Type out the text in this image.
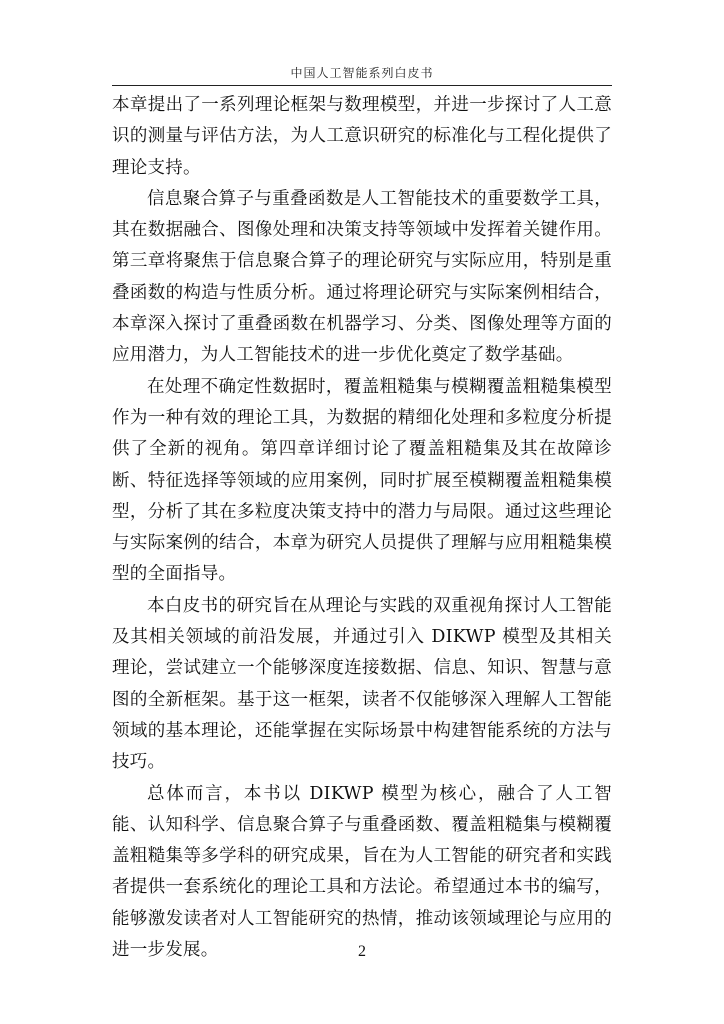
中国人工智能系列白皮书

本章提出了一系列理论框架与数理模型，并进一步探讨了人工意识的测量与评估方法，为人工意识研究的标准化与工程化提供了理论支持。

信息聚合算子与重叠函数是人工智能技术的重要数学工具，其在数据融合、图像处理和决策支持等领域中发挥着关键作用。第三章将聚焦于信息聚合算子的理论研究与实际应用，特别是重叠函数的构造与性质分析。通过将理论研究与实际案例相结合，本章深入探讨了重叠函数在机器学习、分类、图像处理等方面的应用潜力，为人工智能技术的进一步优化奠定了数学基础。

在处理不确定性数据时，覆盖粗糙集与模糊覆盖粗糙集模型作为一种有效的理论工具，为数据的精细化处理和多粒度分析提供了全新的视角。第四章详细讨论了覆盖粗糙集及其在故障诊断、特征选择等领域的应用案例，同时扩展至模糊覆盖粗糙集模型，分析了其在多粒度决策支持中的潜力与局限。通过这些理论与实际案例的结合，本章为研究人员提供了理解与应用粗糙集模型的全面指导。

本白皮书的研究旨在从理论与实践的双重视角探讨人工智能及其相关领域的前沿发展，并通过引入 DIKWP 模型及其相关理论，尝试建立一个能够深度连接数据、信息、知识、智慧与意图的全新框架。基于这一框架，读者不仅能够深入理解人工智能领域的基本理论，还能掌握在实际场景中构建智能系统的方法与技巧。

总体而言，本书以 DIKWP 模型为核心，融合了人工智能、认知科学、信息聚合算子与重叠函数、覆盖粗糙集与模糊覆盖粗糙集等多学科的研究成果，旨在为人工智能的研究者和实践者提供一套系统化的理论工具和方法论。希望通过本书的编写，能够激发读者对人工智能研究的热情，推动该领域理论与应用的进一步发展。	2
